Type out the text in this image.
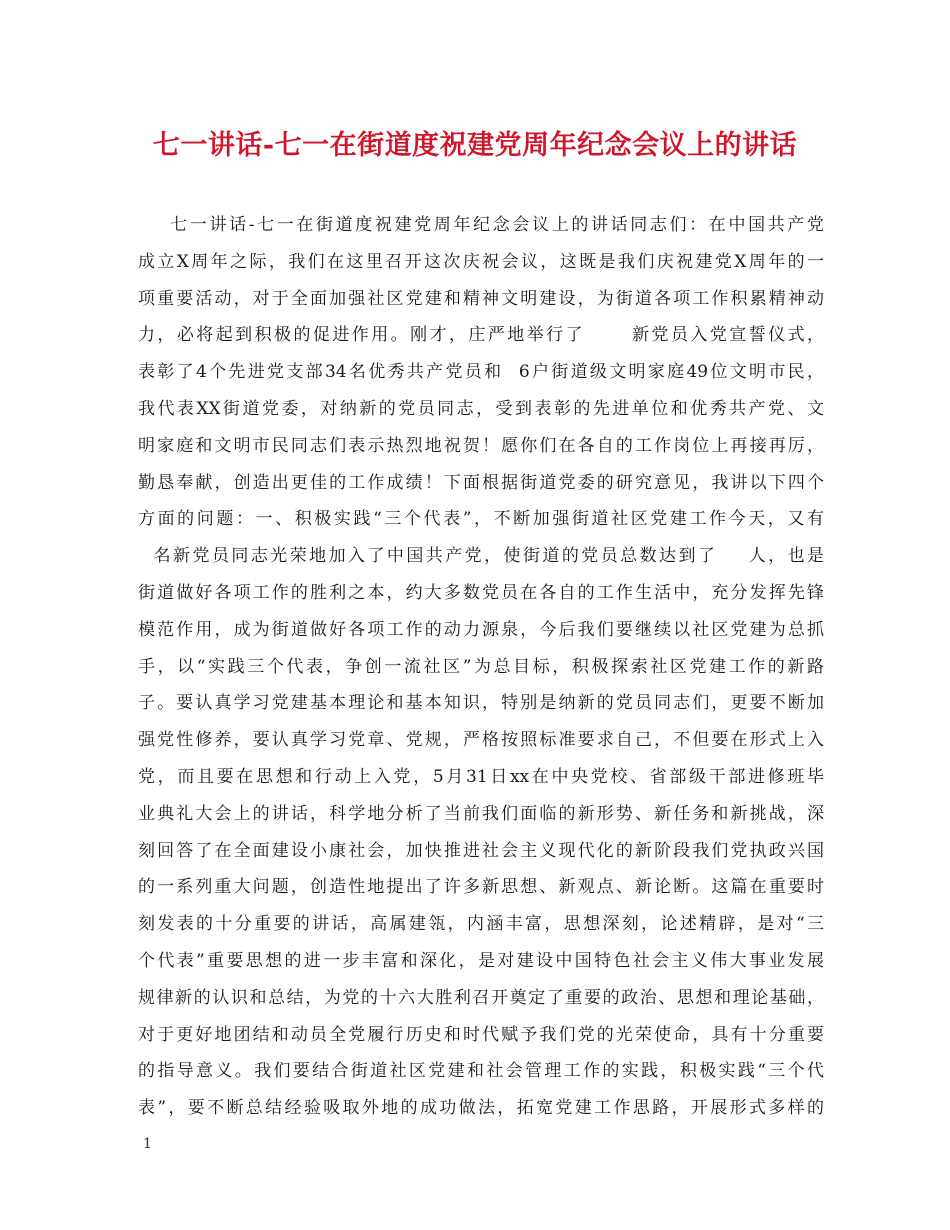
七一讲话-七一在街道度祝建党周年纪念会议上的讲话
七一讲话-七一在街道度祝建党周年纪念会议上的讲话同志们：在中国共产党
成立X周年之际，我们在这里召开这次庆祝会议，这既是我们庆祝建党X周年的一
项重要活动，对于全面加强社区党建和精神文明建设，为街道各项工作积累精神动
力，必将起到积极的促进作用。刚才，庄严地举行了      新党员入党宣誓仪式，
表彰了4个先进党支部34名优秀共产党员和  6户街道级文明家庭49位文明市民，
我代表XX街道党委，对纳新的党员同志，受到表彰的先进单位和优秀共产党、文
明家庭和文明市民同志们表示热烈地祝贺！愿你们在各自的工作岗位上再接再厉，
勤恳奉献，创造出更佳的工作成绩！下面根据街道党委的研究意见，我讲以下四个
方面的问题：一、积极实践“三个代表”，不断加强街道社区党建工作今天，又有
名新党员同志光荣地加入了中国共产党，使街道的党员总数达到了    人，也是
街道做好各项工作的胜利之本，约大多数党员在各自的工作生活中，充分发挥先锋
模范作用，成为街道做好各项工作的动力源泉，今后我们要继续以社区党建为总抓
手，以“实践三个代表，争创一流社区”为总目标，积极探索社区党建工作的新路
子。要认真学习党建基本理论和基本知识，特别是纳新的党员同志们，更要不断加
强党性修养，要认真学习党章、党规，严格按照标准要求自己，不但要在形式上入
党，而且要在思想和行动上入党，5月31日xx在中央党校、省部级干部进修班毕
业典礼大会上的讲话，科学地分析了当前我们面临的新形势、新任务和新挑战，深
刻回答了在全面建设小康社会，加快推进社会主义现代化的新阶段我们党执政兴国
的一系列重大问题，创造性地提出了许多新思想、新观点、新论断。这篇在重要时
刻发表的十分重要的讲话，高属建瓴，内涵丰富，思想深刻，论述精辟，是对“三
个代表”重要思想的进一步丰富和深化，是对建设中国特色社会主义伟大事业发展
规律新的认识和总结，为党的十六大胜利召开奠定了重要的政治、思想和理论基础，
对于更好地团结和动员全党履行历史和时代赋予我们党的光荣使命，具有十分重要
的指导意义。我们要结合街道社区党建和社会管理工作的实践，积极实践“三个代
表”，要不断总结经验吸取外地的成功做法，拓宽党建工作思路，开展形式多样的
1
